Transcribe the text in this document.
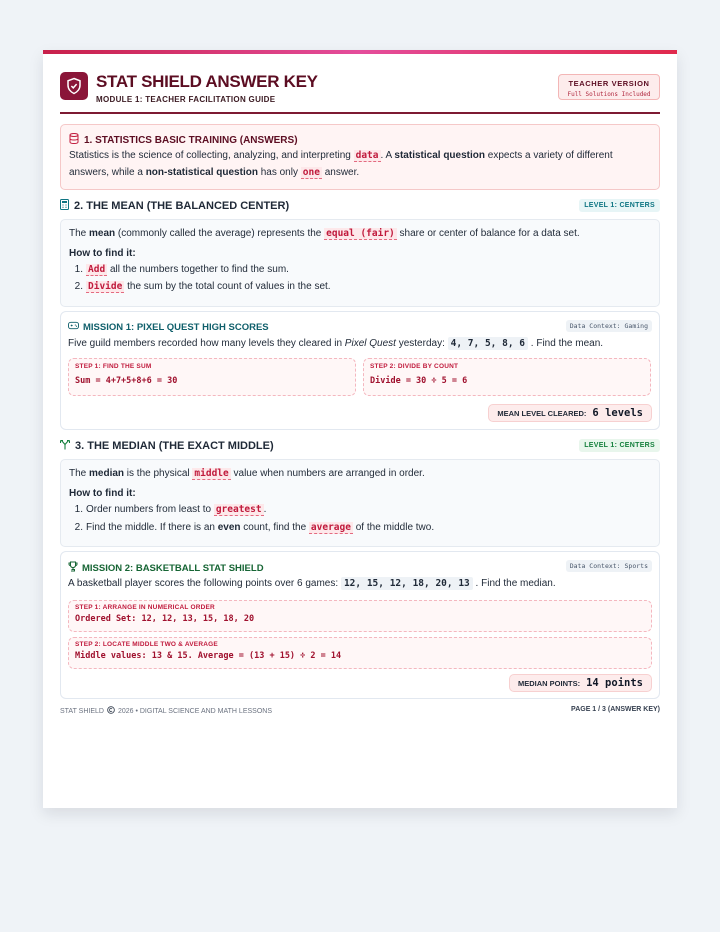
STAT SHIELD ANSWER KEY
MODULE 1: TEACHER FACILITATION GUIDE
TEACHER VERSION
Full Solutions Included
1. STATISTICS BASIC TRAINING (ANSWERS)
Statistics is the science of collecting, analyzing, and interpreting data . A statistical question expects a variety of different answers, while a non-statistical question has only one answer.
2. THE MEAN (THE BALANCED CENTER)	LEVEL 1: CENTERS
The mean (commonly called the average) represents the equal (fair) share or center of balance for a data set.
How to find it:
1. Add all the numbers together to find the sum.
2. Divide the sum by the total count of values in the set.
MISSION 1: PIXEL QUEST HIGH SCORES	Data Context: Gaming
Five guild members recorded how many levels they cleared in Pixel Quest yesterday: 4, 7, 5, 8, 6 . Find the mean.
STEP 1: FIND THE SUM
Sum = 4+7+5+8+6 = 30
STEP 2: DIVIDE BY COUNT
Divide = 30 ÷ 5 = 6
MEAN LEVEL CLEARED: 6 levels
3. THE MEDIAN (THE EXACT MIDDLE)	LEVEL 1: CENTERS
The median is the physical middle value when numbers are arranged in order.
How to find it:
1. Order numbers from least to greatest .
2. Find the middle. If there is an even count, find the average of the middle two.
MISSION 2: BASKETBALL STAT SHIELD	Data Context: Sports
A basketball player scores the following points over 6 games: 12, 15, 12, 18, 20, 13 . Find the median.
STEP 1: ARRANGE IN NUMERICAL ORDER
Ordered Set: 12, 12, 13, 15, 18, 20
STEP 2: LOCATE MIDDLE TWO & AVERAGE
Middle values: 13 & 15. Average = (13 + 15) ÷ 2 = 14
MEDIAN POINTS: 14 points
STAT SHIELD 2026 • DIGITAL SCIENCE AND MATH LESSONS	PAGE 1 / 3 (ANSWER KEY)
